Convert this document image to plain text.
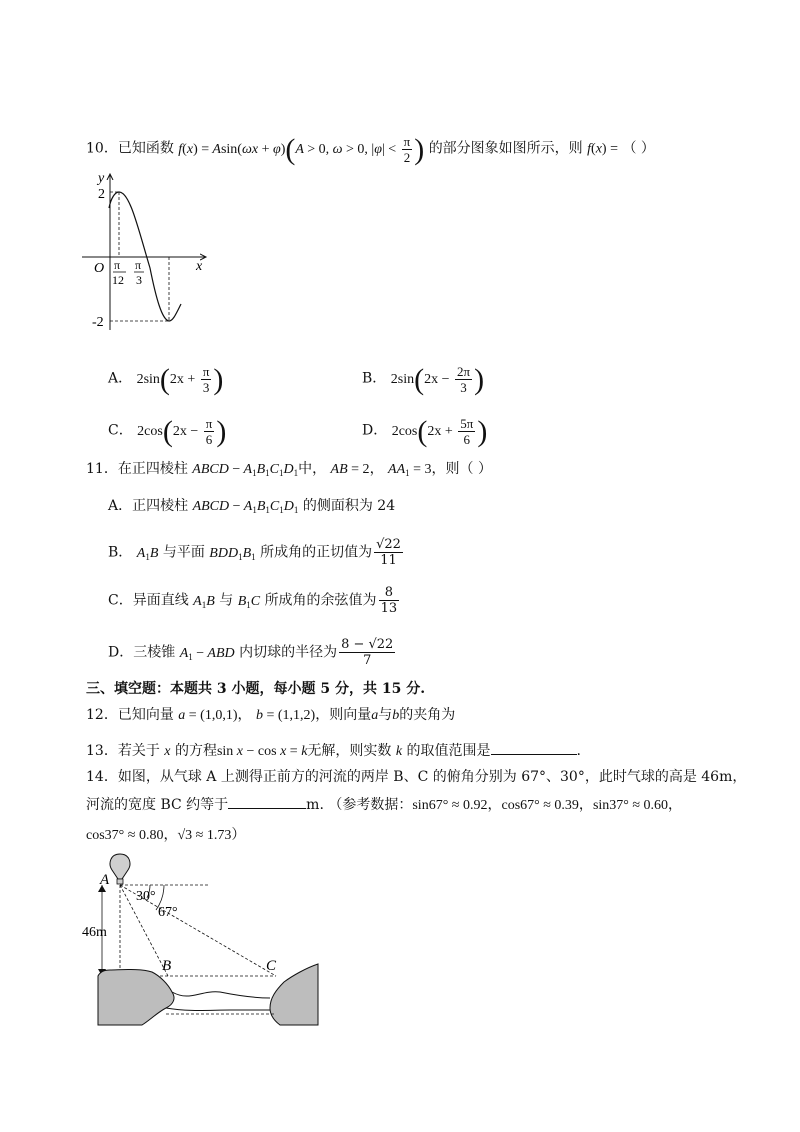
10．已知函数 f(x) = Asin(ωx + φ)(A > 0, ω > 0, $|\varphi| < \frac{\pi}{2}$ ) 的部分图象如图所示，则 f(x) = （ ）
y
x
O
2
-2
π
12
π
3
A． $2\sin(2x + \frac{\pi}{3}$ )	B． $2\sin(2x - \frac{2\pi}{3}$ )
C． $2\cos(2x - \frac{\pi}{6}$ )	D． $2\cos(2x + \frac{5\pi}{6}$ )
11．在正四棱柱 ABCD − $A_1B_1C_1D_1$中， AB = 2， $AA_1 = 3$，则（ ）
A．正四棱柱 ABCD − $A_1B_1C_1D_1$ 的侧面积为 24
B． $A_1B$ 与平面 $BDD_1B_1$ 所成角的正切值为 $\frac{√22}{11}$
C．异面直线 $A_1B$ 与 $B_1C$ 所成角的余弦值为 $\frac{8}{13}$
D．三棱锥 $A_1$ − ABD 内切球的半径为 $\frac{8 - √22}{7}$
三、填空题：本题共 3 小题，每小题 5 分，共 15 分.
12．已知向量 a = (1,0,1)， b = (1,1,2)，则向量a与b的夹角为
13．若关于 x 的方程sin x − cos x = k无解，则实数 k 的取值范围是	.
14．如图，从气球 A 上测得正前方的河流的两岸 B、C 的俯角分别为 67°、30°，此时气球的高是 46m，
河流的宽度 BC 约等于	m. （参考数据：sin67° ≈ 0.92，cos67° ≈ 0.39，sin37° ≈ 0.60，
cos37° ≈ 0.80，√3 ≈ 1.73）
A
B	C
30°
67°
46m
